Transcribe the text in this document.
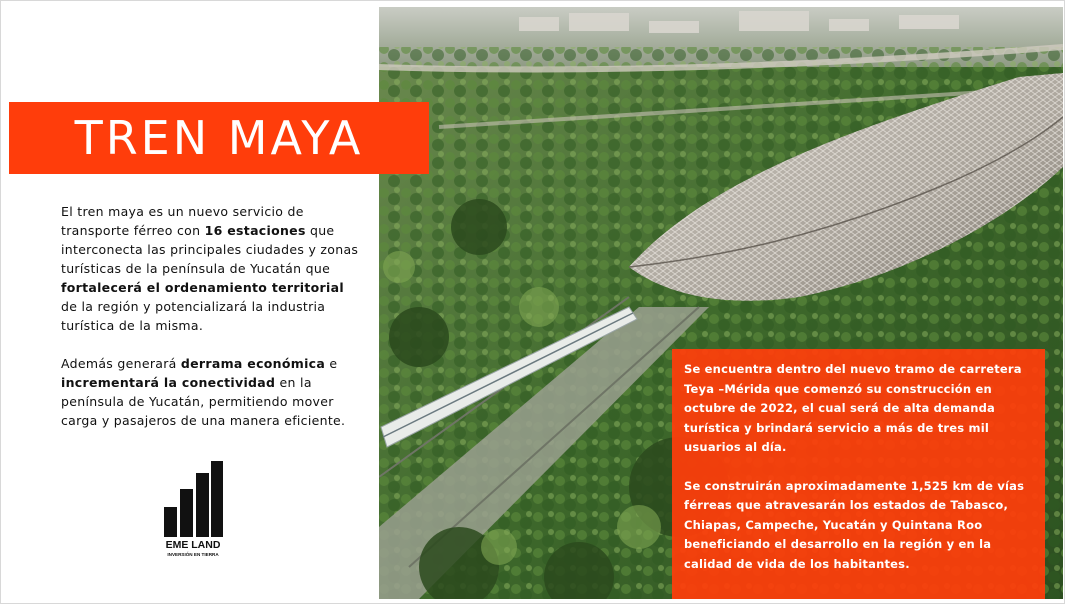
TREN MAYA
El tren maya es un nuevo servicio de transporte férreo con 16 estaciones que interconecta las principales ciudades y zonas turísticas de la península de Yucatán que fortalecerá el ordenamiento territorial de la región y potencializará la industria turística de la misma.
Además generará derrama económica e incrementará la conectividad en la península de Yucatán, permitiendo mover carga y pasajeros de una manera eficiente.
EME LAND
INVERSIÓN EN TIERRA

Se encuentra dentro del nuevo tramo de carretera Teya –Mérida que comenzó su construcción en octubre de 2022, el cual será de alta demanda turística y brindará servicio a más de tres mil usuarios al día.

Se construirán aproximadamente 1,525 km de vías férreas que atravesarán los estados de Tabasco, Chiapas, Campeche, Yucatán y Quintana Roo beneficiando el desarrollo en la región y en la calidad de vida de los habitantes.
